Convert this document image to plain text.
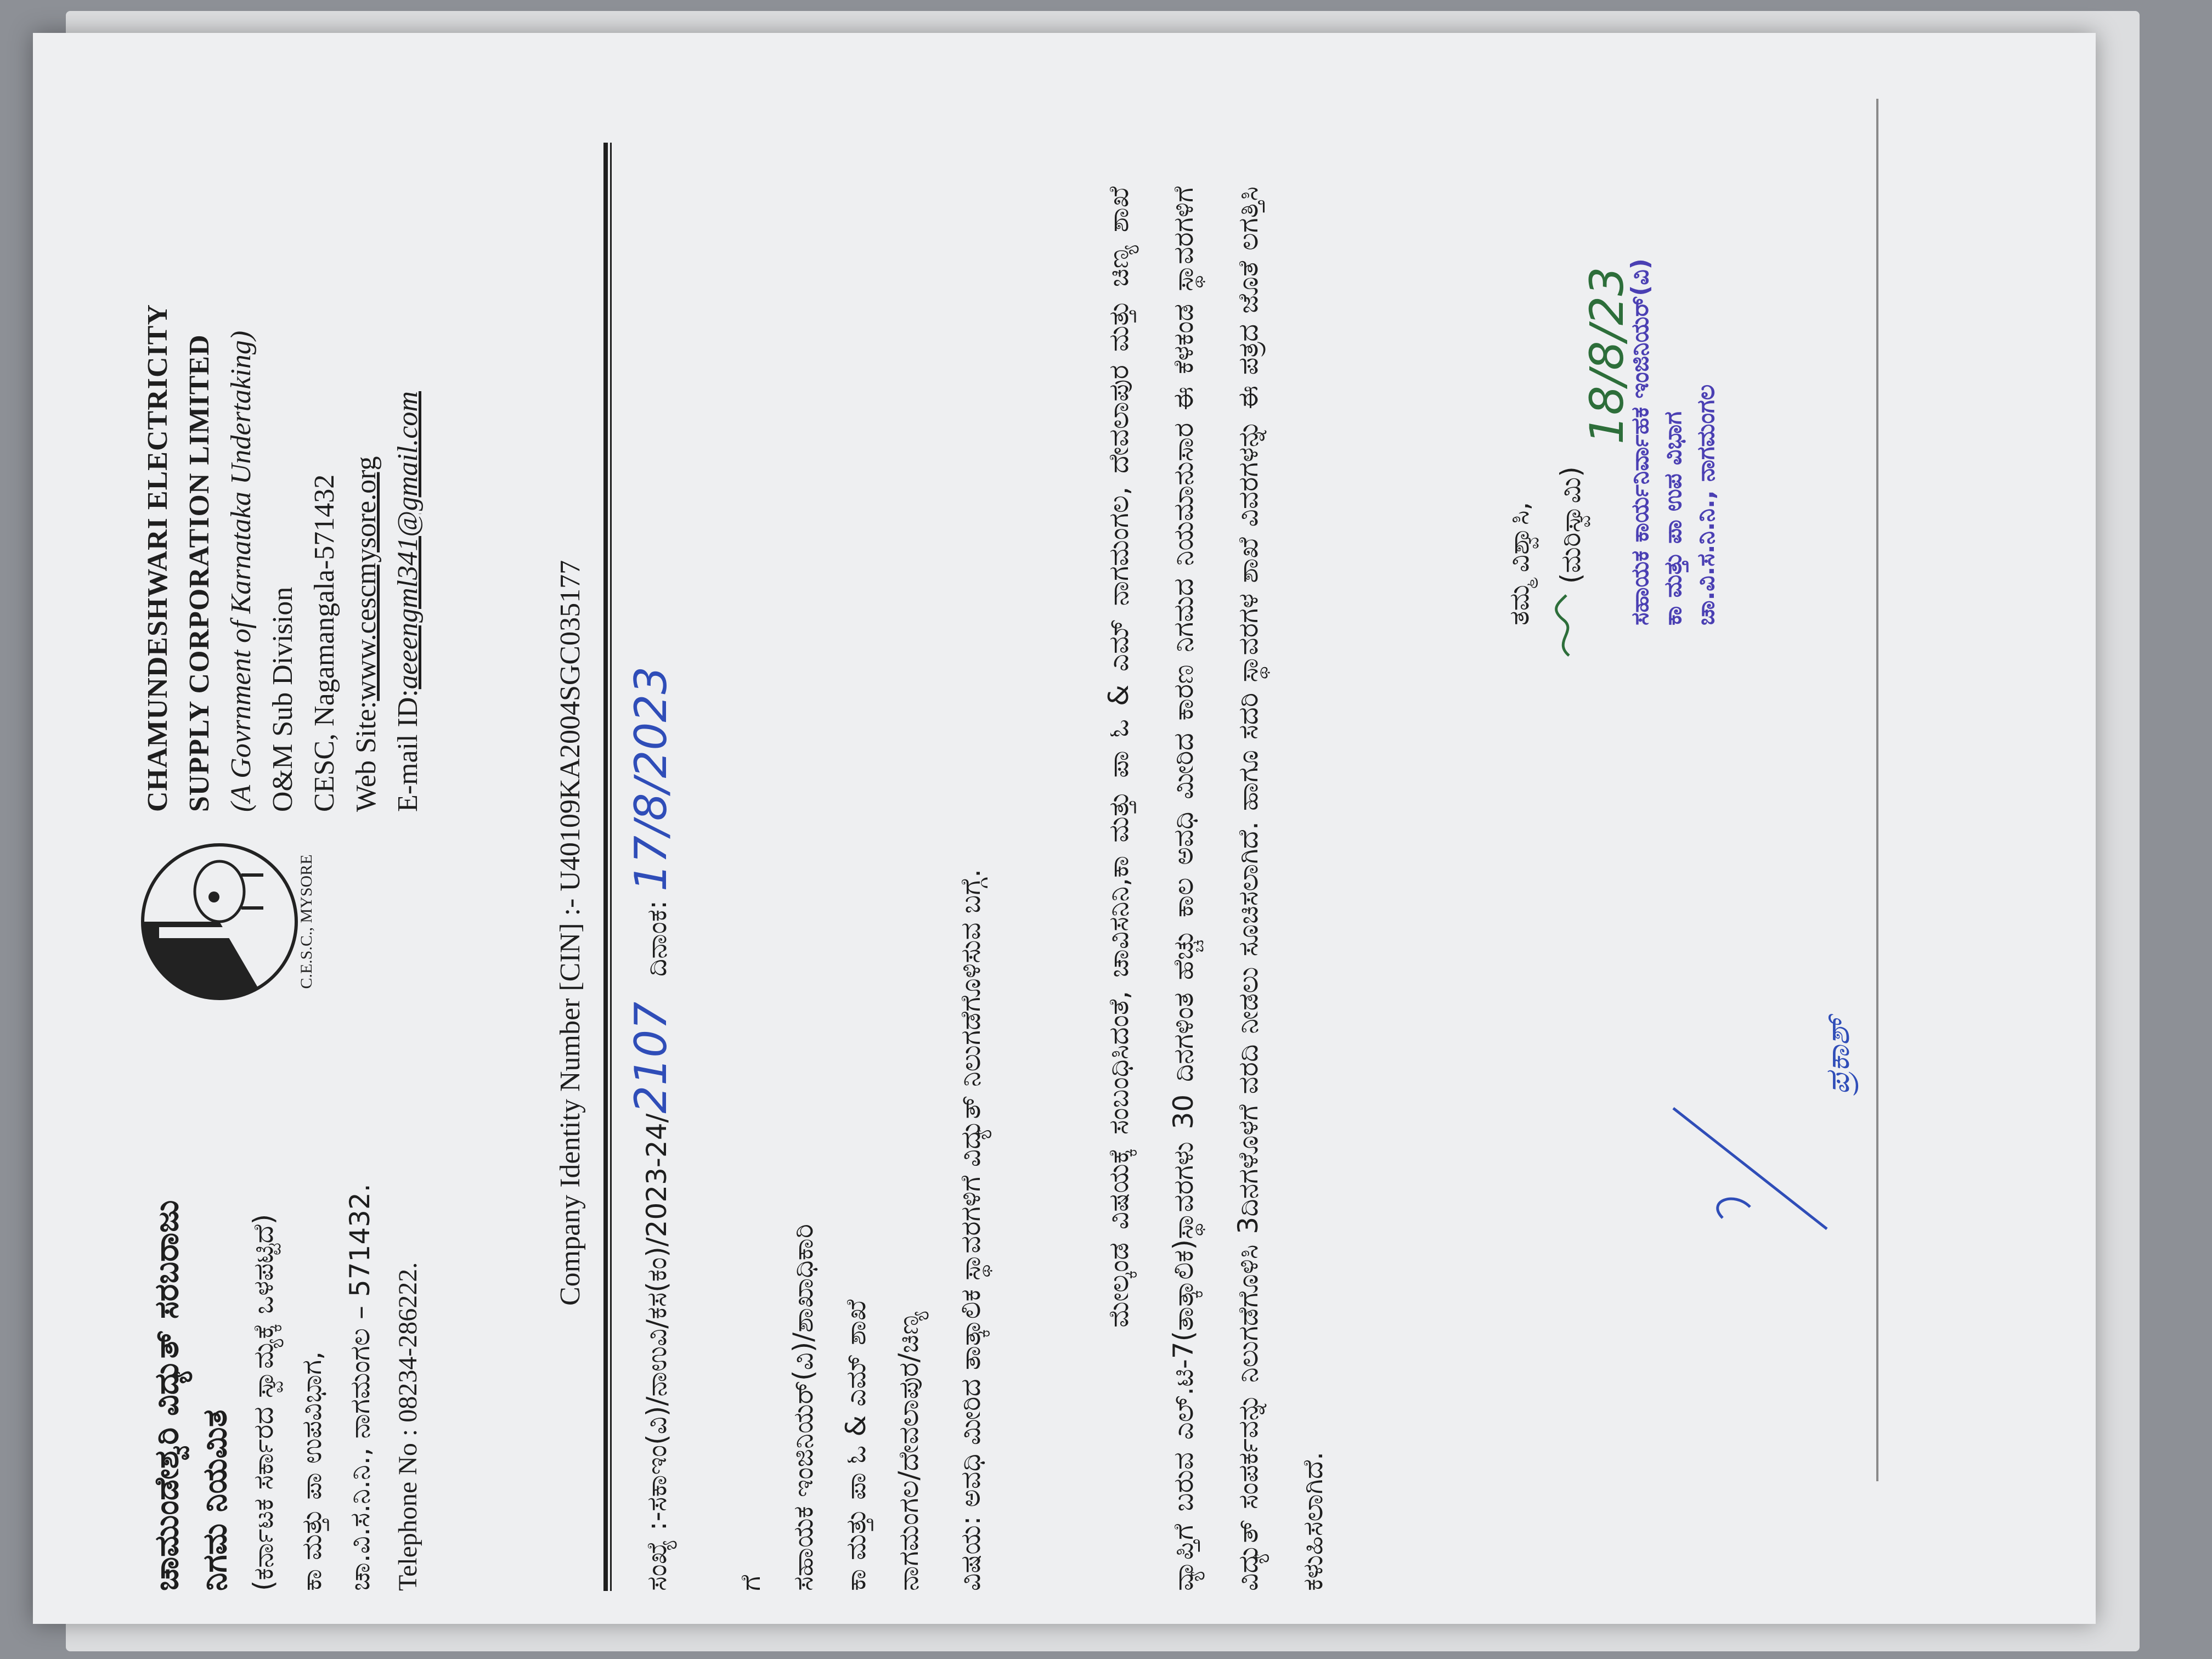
ಚಾಮುಂಡೇಶ್ವರಿ ವಿದ್ಯುತ್ ಸರಬರಾಜು ನಿಗಮ ನಿಯಮಿತ (ಕರ್ನಾಟಕ ಸರ್ಕಾರದ ಸ್ವಾಮ್ಯಕ್ಕೆ ಒಳಪಟ್ಟಿದೆ) ಕಾ ಮತ್ತು ಪಾ ಉಪವಿಭಾಗ, ಚಾ.ವಿ.ಸ.ನಿ.ನಿ., ನಾಗಮಂಗಲ – 571432. Telephone No : 08234-286222.
C.E.S.C., MYSORE
CHAMUNDESHWARI ELECTRICITY SUPPLY CORPORATION LIMITED (A Govrnment of Karnataka Undertaking) O&M Sub Division CESC, Nagamangala-571432 Web Site:www.cescmysore.org
E-mail ID:aeeengml341@gmail.com
Company Identity Number [CIN] :- U40109KA2004SGC035177
ಸಂಖ್ಯೆ :-ಸಕಾಇಂ(ವಿ)/ನಾಉವಿ/ಕಸ(ಕಂ)/2023-24/2107 ದಿನಾಂಕ: 17/8/2023
ಗೆ ಸಹಾಯಕ ಇಂಜಿನಿಯರ್(ವಿ)/ಶಾಖಾಧಿಕಾರಿ ಕಾ ಮತ್ತು ಪಾ ಓ & ಎಮ್ ಶಾಖೆ ನಾಗಮಂಗಲ/ದೇವಲಾಪುರ/ಚಿಣ್ಯ	ವಿಷಯ: ಅವಧಿ ಮೀರಿದ ತಾತ್ಕಾಲಿಕ ಸ್ಥಾವರಗಳಿಗೆ ವಿದ್ಯುತ್ ನಿಲುಗಡೆಗೊಳಿಸುವ ಬಗ್ಗೆ.	ಮೇಲ್ಕಂಡ ವಿಷಯಕ್ಕೆ ಸಂಬಂಧಿಸಿದಂತೆ, ಚಾವಿಸನಿನಿ,ಕಾ ಮತ್ತು ಪಾ ಓ & ಎಮ್ ನಾಗಮಂಗಲ, ದೇವಲಾಪುರ ಮತ್ತು ಚಿಣ್ಯ ಶಾಖೆ ವ್ಯಾಪ್ತಿಗೆ ಬರುವ ಎಲ್.ಟಿ-7(ತಾತ್ಕಾಲಿಕ)ಸ್ಥಾವರಗಳು 30 ದಿನಗಳಿಂತ ಹೆಚ್ಚು ಕಾಲ ಅವಧಿ ಮೀರಿದ ಕಾರಣ ನಿಗಮದ ನಿಯಮಾನುಸಾರ ಈ ಕೆಳಕಂಡ ಸ್ಥಾವರಗಳಿಗೆ ವಿದ್ಯುತ್ ಸಂಪರ್ಕವನ್ನು ನಿಲುಗಡೆಗೊಳಿಸಿ 3ದಿನಗಳೊಳಗೆ ವರದಿ ನೀಡಲು ಸೂಚಿಸಲಾಗಿದೆ. ಹಾಗೂ ಸದರಿ ಸ್ಥಾವರಗಳ ಶಾಖೆ ವಿವರಗಳನ್ನು ಈ ಪತ್ರದ ಜೊತೆ ಲಗತ್ತಿಸಿ ಕಳುಹಿಸಲಾಗಿದೆ.
ತಮ್ಮ ವಿಶ್ವಾಸಿ, (ಮರಿಸ್ವಾಮಿ)
18/8/23
ಸಹಾಯಕ ಕಾರ್ಯನಿರ್ವಾಹಕ ಇಂಜಿನಿಯರ್(ವಿ) ಕಾ ಮತ್ತು ಪಾ ಉಪ ವಿಭಾಗ ಚಾ.ವಿ.ಸ.ನಿ.ನಿ., ನಾಗಮಂಗಲ
ಪ್ರಕಾಶ್
